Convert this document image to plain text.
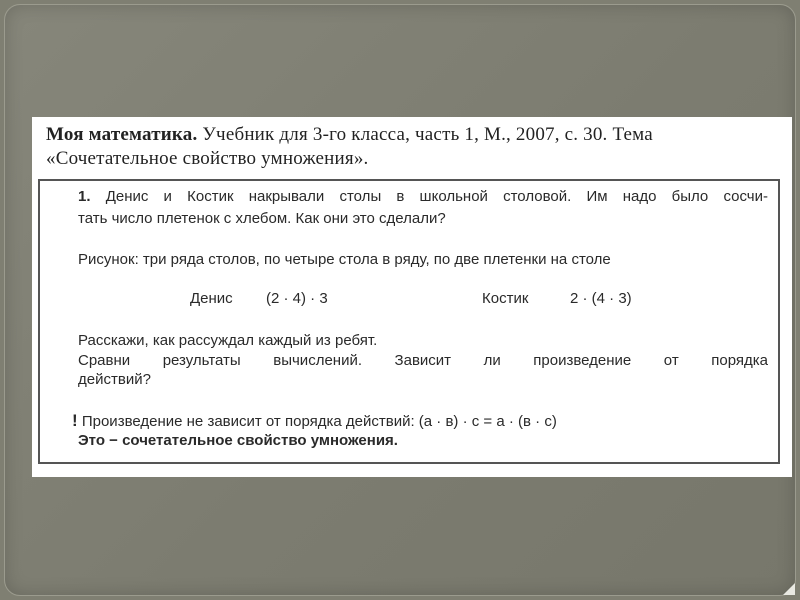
Моя математика. Учебник для 3-го класса, часть 1, М., 2007, с. 30. Тема
«Сочетательное свойство умножения».
1. Денис и Костик накрывали столы в школьной столовой. Им надо было сосчи-
тать число плетенок с хлебом. Как они это сделали?
Рисунок: три ряда столов, по четыре стола в ряду, по две плетенки на столе
Денис (2 · 4) · 3	Костик	2 · (4 · 3)
Расскажи, как рассуждал каждый из ребят.
Сравни результаты вычислений. Зависит ли произведение от порядка
действий?
! Произведение не зависит от порядка действий: (а · в) · с = а · (в · с)
Это − сочетательное свойство умножения.
